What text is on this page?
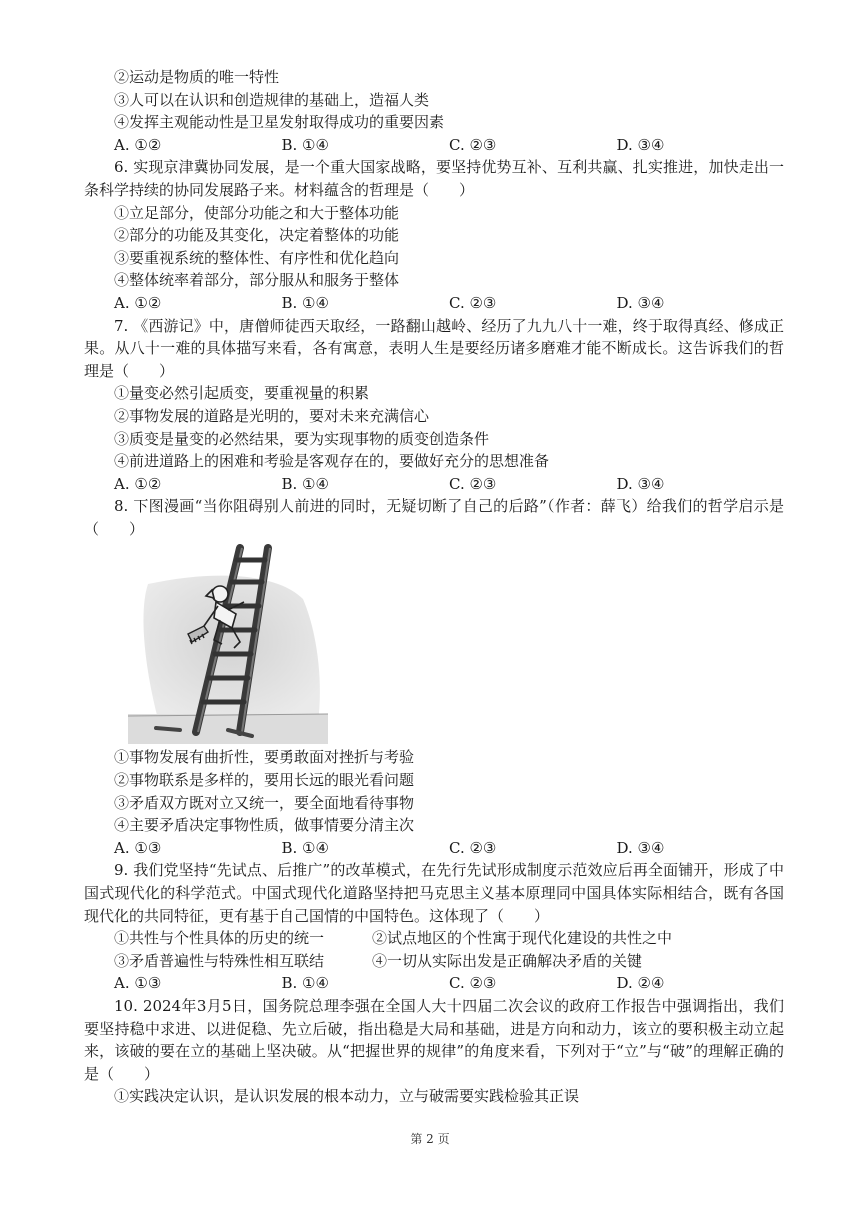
②运动是物质的唯一特性
③人可以在认识和创造规律的基础上，造福人类
④发挥主观能动性是卫星发射取得成功的重要因素
A. ①②	B. ①④	C. ②③	D. ③④
6. 实现京津冀协同发展，是一个重大国家战略，要坚持优势互补、互利共赢、扎实推进，加快走出一条科学持续的协同发展路子来。材料蕴含的哲理是（　　）
①立足部分，使部分功能之和大于整体功能
②部分的功能及其变化，决定着整体的功能
③要重视系统的整体性、有序性和优化趋向
④整体统率着部分，部分服从和服务于整体
A. ①②	B. ①④	C. ②③	D. ③④
7. 《西游记》中，唐僧师徒西天取经，一路翻山越岭、经历了九九八十一难，终于取得真经、修成正果。从八十一难的具体描写来看，各有寓意，表明人生是要经历诸多磨难才能不断成长。这告诉我们的哲理是（　　）
①量变必然引起质变，要重视量的积累
②事物发展的道路是光明的，要对未来充满信心
③质变是量变的必然结果，要为实现事物的质变创造条件
④前进道路上的困难和考验是客观存在的，要做好充分的思想准备
A. ①②	B. ①④	C. ②③	D. ③④
8. 下图漫画“当你阻碍别人前进的同时，无疑切断了自己的后路”（作者：薛飞）给我们的哲学启示是（　　）
①事物发展有曲折性，要勇敢面对挫折与考验
②事物联系是多样的，要用长远的眼光看问题
③矛盾双方既对立又统一，要全面地看待事物
④主要矛盾决定事物性质，做事情要分清主次
A. ①③	B. ①④	C. ②③	D. ③④
9. 我们党坚持“先试点、后推广”的改革模式，在先行先试形成制度示范效应后再全面铺开，形成了中国式现代化的科学范式。中国式现代化道路坚持把马克思主义基本原理同中国具体实际相结合，既有各国现代化的共同特征，更有基于自己国情的中国特色。这体现了（　　）
①共性与个性具体的历史的统一	②试点地区的个性寓于现代化建设的共性之中
③矛盾普遍性与特殊性相互联结	④一切从实际出发是正确解决矛盾的关键
A. ①③	B. ①④	C. ②③	D. ②④
10. 2024年3月5日，国务院总理李强在全国人大十四届二次会议的政府工作报告中强调指出，我们要坚持稳中求进、以进促稳、先立后破，指出稳是大局和基础，进是方向和动力，该立的要积极主动立起来，该破的要在立的基础上坚决破。从“把握世界的规律”的角度来看，下列对于“立”与“破”的理解正确的是（　　）
①实践决定认识，是认识发展的根本动力，立与破需要实践检验其正误
第 2 页
